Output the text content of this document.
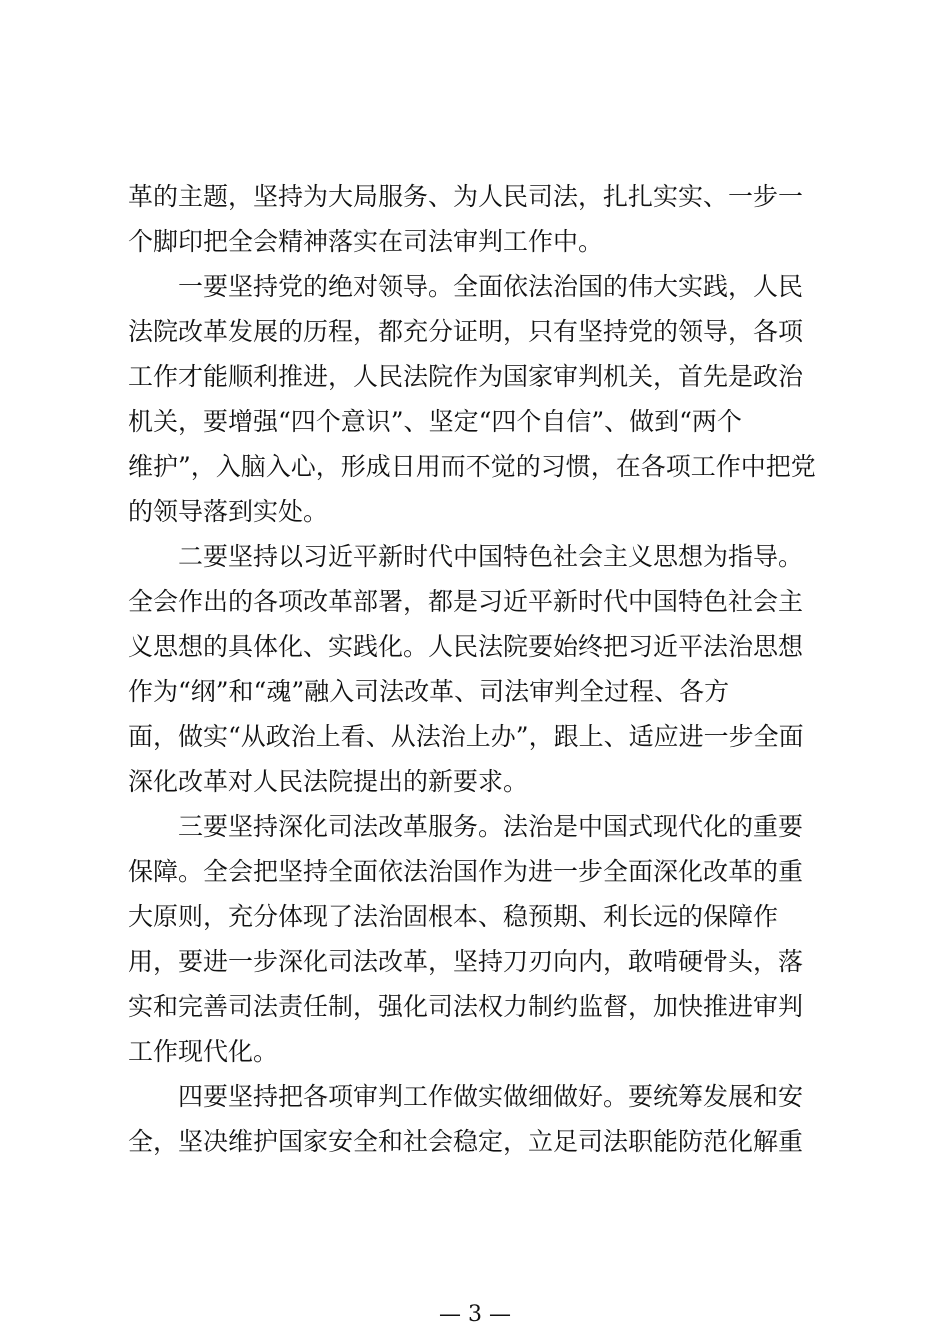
革的主题，坚持为大局服务、为人民司法，扎扎实实、一步一
个脚印把全会精神落实在司法审判工作中。
一要坚持党的绝对领导。全面依法治国的伟大实践，人民
法院改革发展的历程，都充分证明，只有坚持党的领导，各项
工作才能顺利推进，人民法院作为国家审判机关，首先是政治
机关，要增强“四个意识”、坚定“四个自信”、做到“两个
维护”，入脑入心，形成日用而不觉的习惯，在各项工作中把党
的领导落到实处。
二要坚持以习近平新时代中国特色社会主义思想为指导。
全会作出的各项改革部署，都是习近平新时代中国特色社会主
义思想的具体化、实践化。人民法院要始终把习近平法治思想
作为“纲”和“魂”融入司法改革、司法审判全过程、各方
面，做实“从政治上看、从法治上办”，跟上、适应进一步全面
深化改革对人民法院提出的新要求。
三要坚持深化司法改革服务。法治是中国式现代化的重要
保障。全会把坚持全面依法治国作为进一步全面深化改革的重
大原则，充分体现了法治固根本、稳预期、利长远的保障作
用，要进一步深化司法改革，坚持刀刃向内，敢啃硬骨头，落
实和完善司法责任制，强化司法权力制约监督，加快推进审判
工作现代化。
四要坚持把各项审判工作做实做细做好。要统筹发展和安
全，坚决维护国家安全和社会稳定，立足司法职能防范化解重
— 3 —
